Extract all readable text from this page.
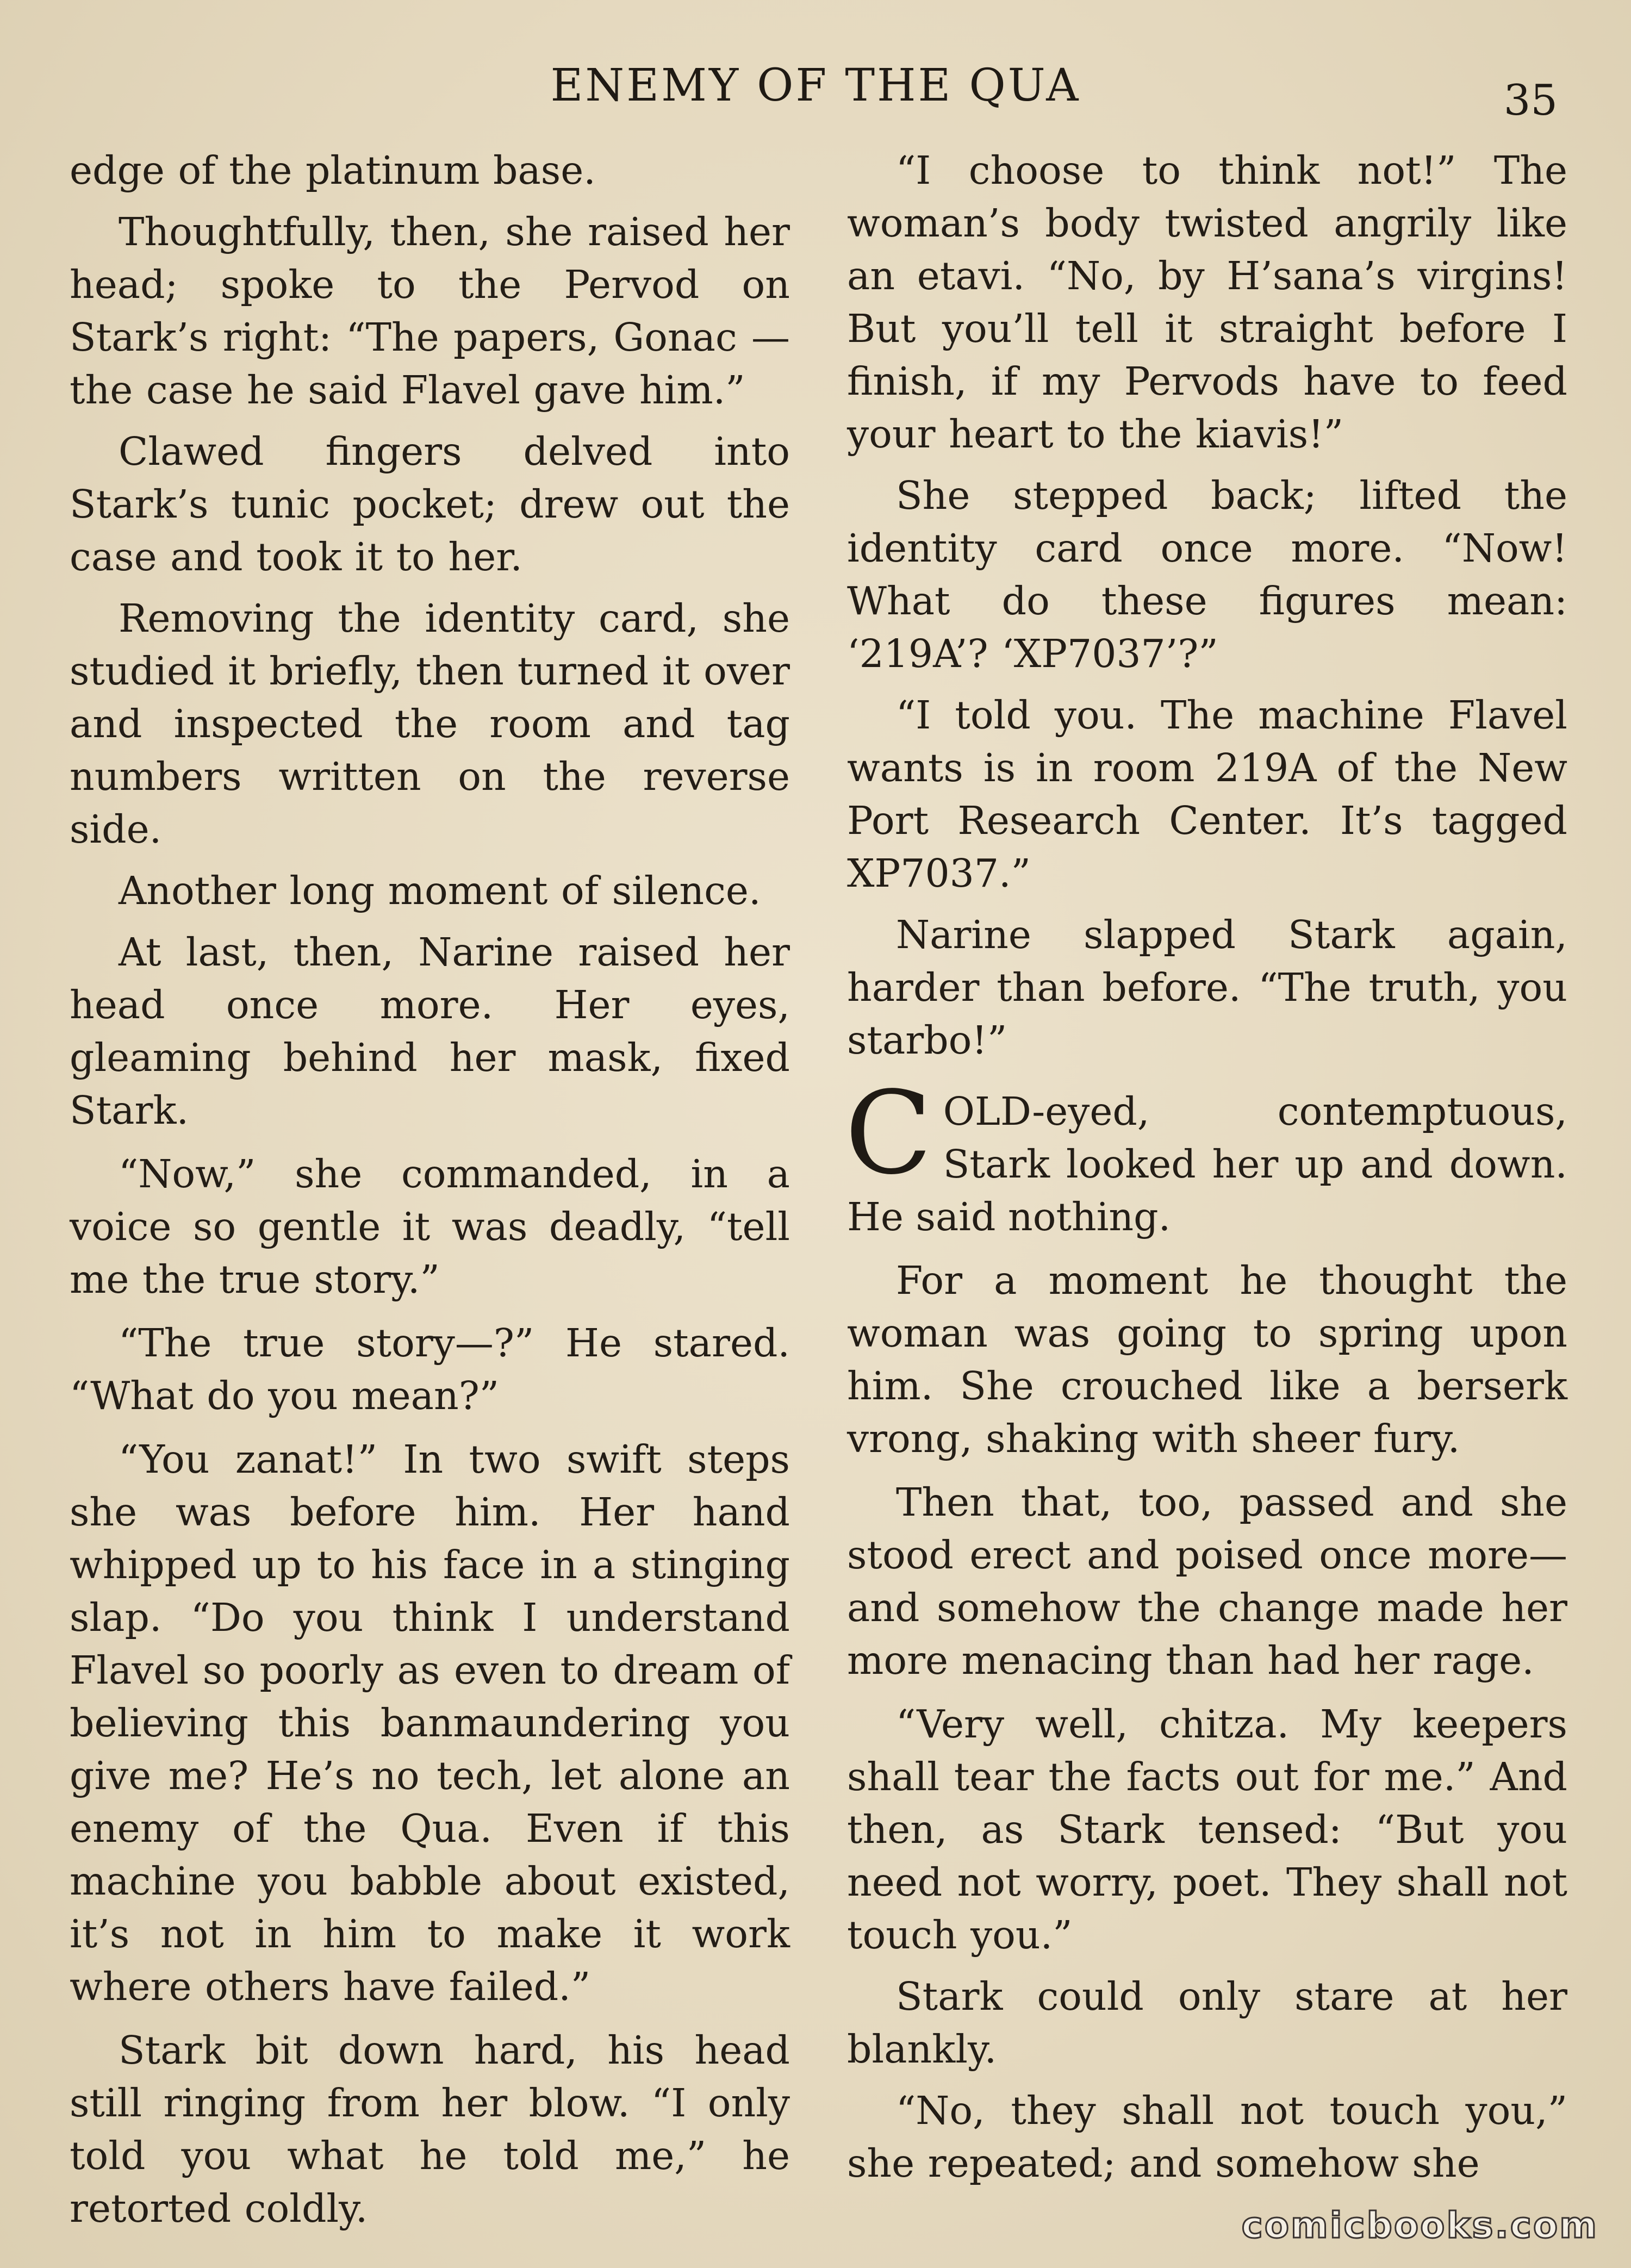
ENEMY OF THE QUA	35

edge of the platinum base.

Thoughtfully, then, she raised her head; spoke to the Pervod on Stark’s right: “The papers, Gonac —the case he said Flavel gave him.”

Clawed fingers delved into Stark’s tunic pocket; drew out the case and took it to her.

Removing the identity card, she studied it briefly, then turned it over and inspected the room and tag numbers written on the reverse side.

Another long moment of silence.

At last, then, Narine raised her head once more. Her eyes, gleaming behind her mask, fixed Stark.

“Now,” she commanded, in a voice so gentle it was deadly, “tell me the true story.”

“The true story—?” He stared. “What do you mean?”

“You zanat!” In two swift steps she was before him. Her hand whipped up to his face in a stinging slap. “Do you think I understand Flavel so poorly as even to dream of believing this banmaundering you give me? He’s no tech, let alone an enemy of the Qua. Even if this machine you babble about existed, it’s not in him to make it work where others have failed.”

Stark bit down hard, his head still ringing from her blow. “I only told you what he told me,” he retorted coldly.

“I choose to think not!” The woman’s body twisted angrily like an etavi. “No, by H’sana’s virgins! But you’ll tell it straight before I finish, if my Pervods have to feed your heart to the kiavis!”

She stepped back; lifted the identity card once more. “Now! What do these figures mean: ‘219A’? ‘XP7037’?”

“I told you. The machine Flavel wants is in room 219A of the New Port Research Center. It’s tagged XP7037.”

Narine slapped Stark again, harder than before. “The truth, you starbo!”

COLD-eyed, contemptuous, Stark looked her up and down. He said nothing.

For a moment he thought the woman was going to spring upon him. She crouched like a berserk vrong, shaking with sheer fury.

Then that, too, passed and she stood erect and poised once more—and somehow the change made her more menacing than had her rage.

“Very well, chitza. My keepers shall tear the facts out for me.” And then, as Stark tensed: “But you need not worry, poet. They shall not touch you.”

Stark could only stare at her blankly.

“No, they shall not touch you,” she repeated; and somehow she

comicbooks.com
